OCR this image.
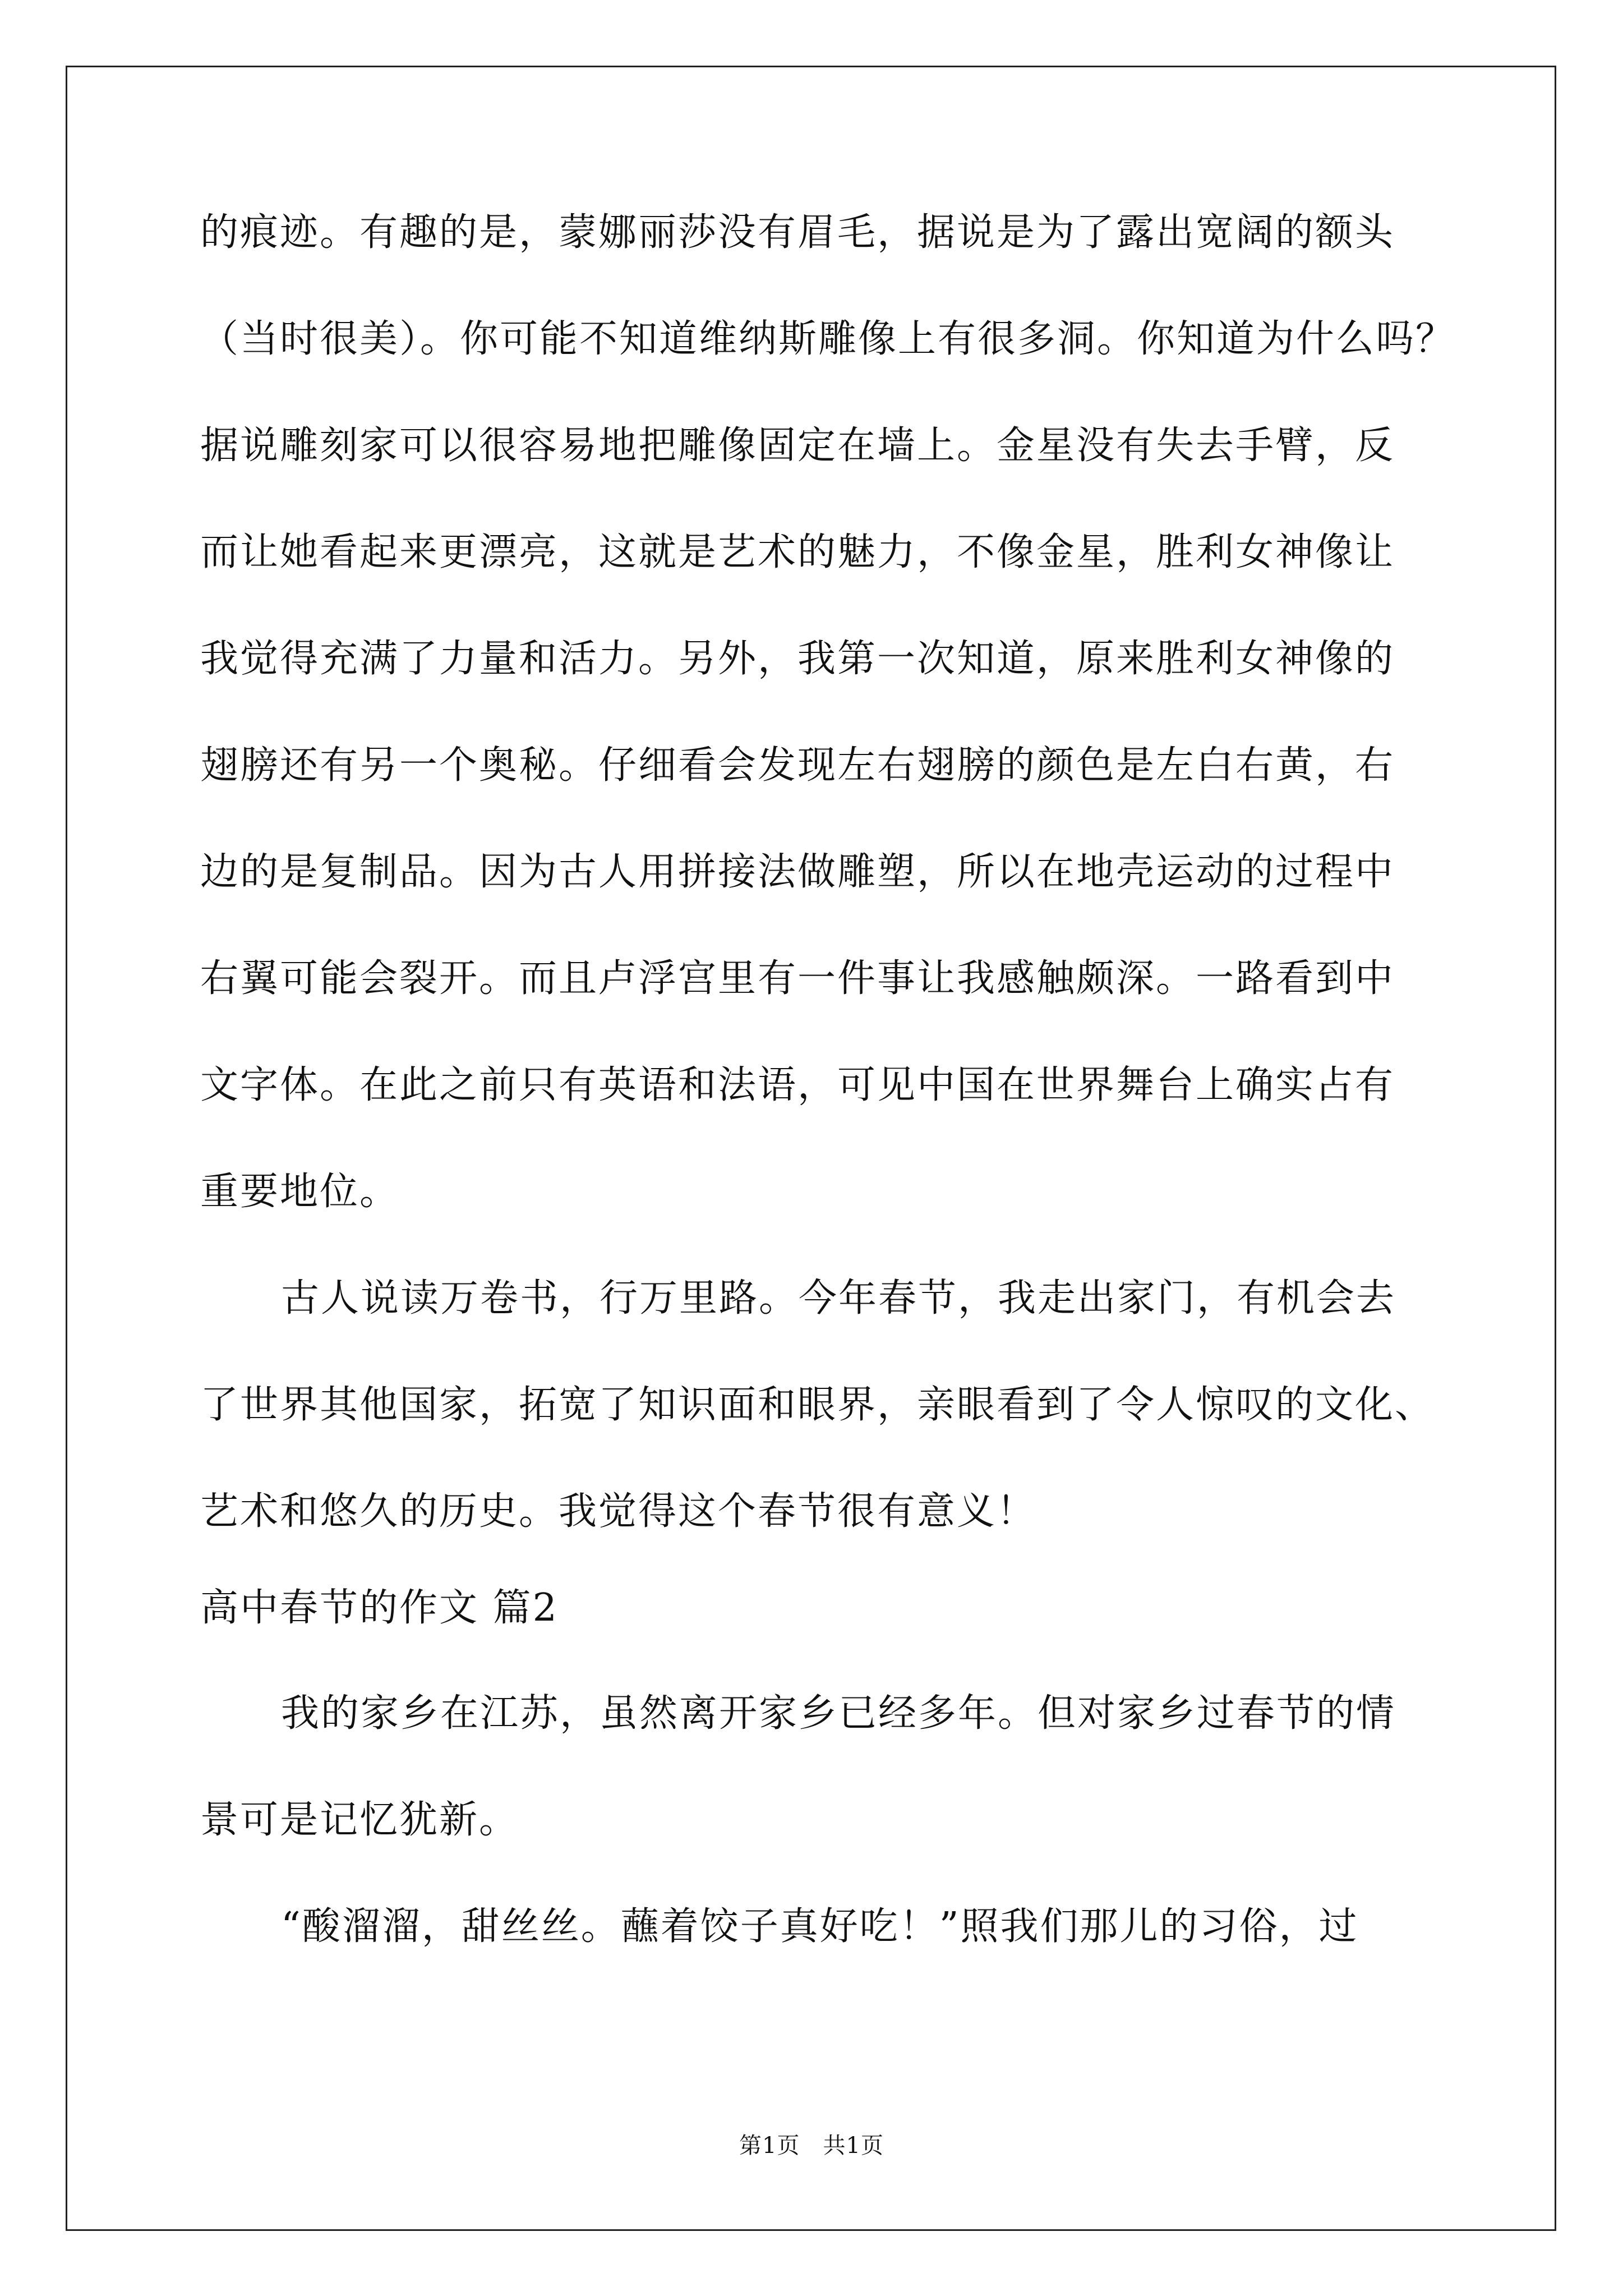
的痕迹。有趣的是，蒙娜丽莎没有眉毛，据说是为了露出宽阔的额头
（当时很美）。你可能不知道维纳斯雕像上有很多洞。你知道为什么吗？
据说雕刻家可以很容易地把雕像固定在墙上。金星没有失去手臂，反
而让她看起来更漂亮，这就是艺术的魅力，不像金星，胜利女神像让
我觉得充满了力量和活力。另外，我第一次知道，原来胜利女神像的
翅膀还有另一个奥秘。仔细看会发现左右翅膀的颜色是左白右黄，右
边的是复制品。因为古人用拼接法做雕塑，所以在地壳运动的过程中
右翼可能会裂开。而且卢浮宫里有一件事让我感触颇深。一路看到中
文字体。在此之前只有英语和法语，可见中国在世界舞台上确实占有
重要地位。
古人说读万卷书，行万里路。今年春节，我走出家门，有机会去
了世界其他国家，拓宽了知识面和眼界，亲眼看到了令人惊叹的文化、
艺术和悠久的历史。我觉得这个春节很有意义！
高中春节的作文 篇2
我的家乡在江苏，虽然离开家乡已经多年。但对家乡过春节的情
景可是记忆犹新。
“酸溜溜，甜丝丝。蘸着饺子真好吃！”照我们那儿的习俗，过
第1页　共1页
